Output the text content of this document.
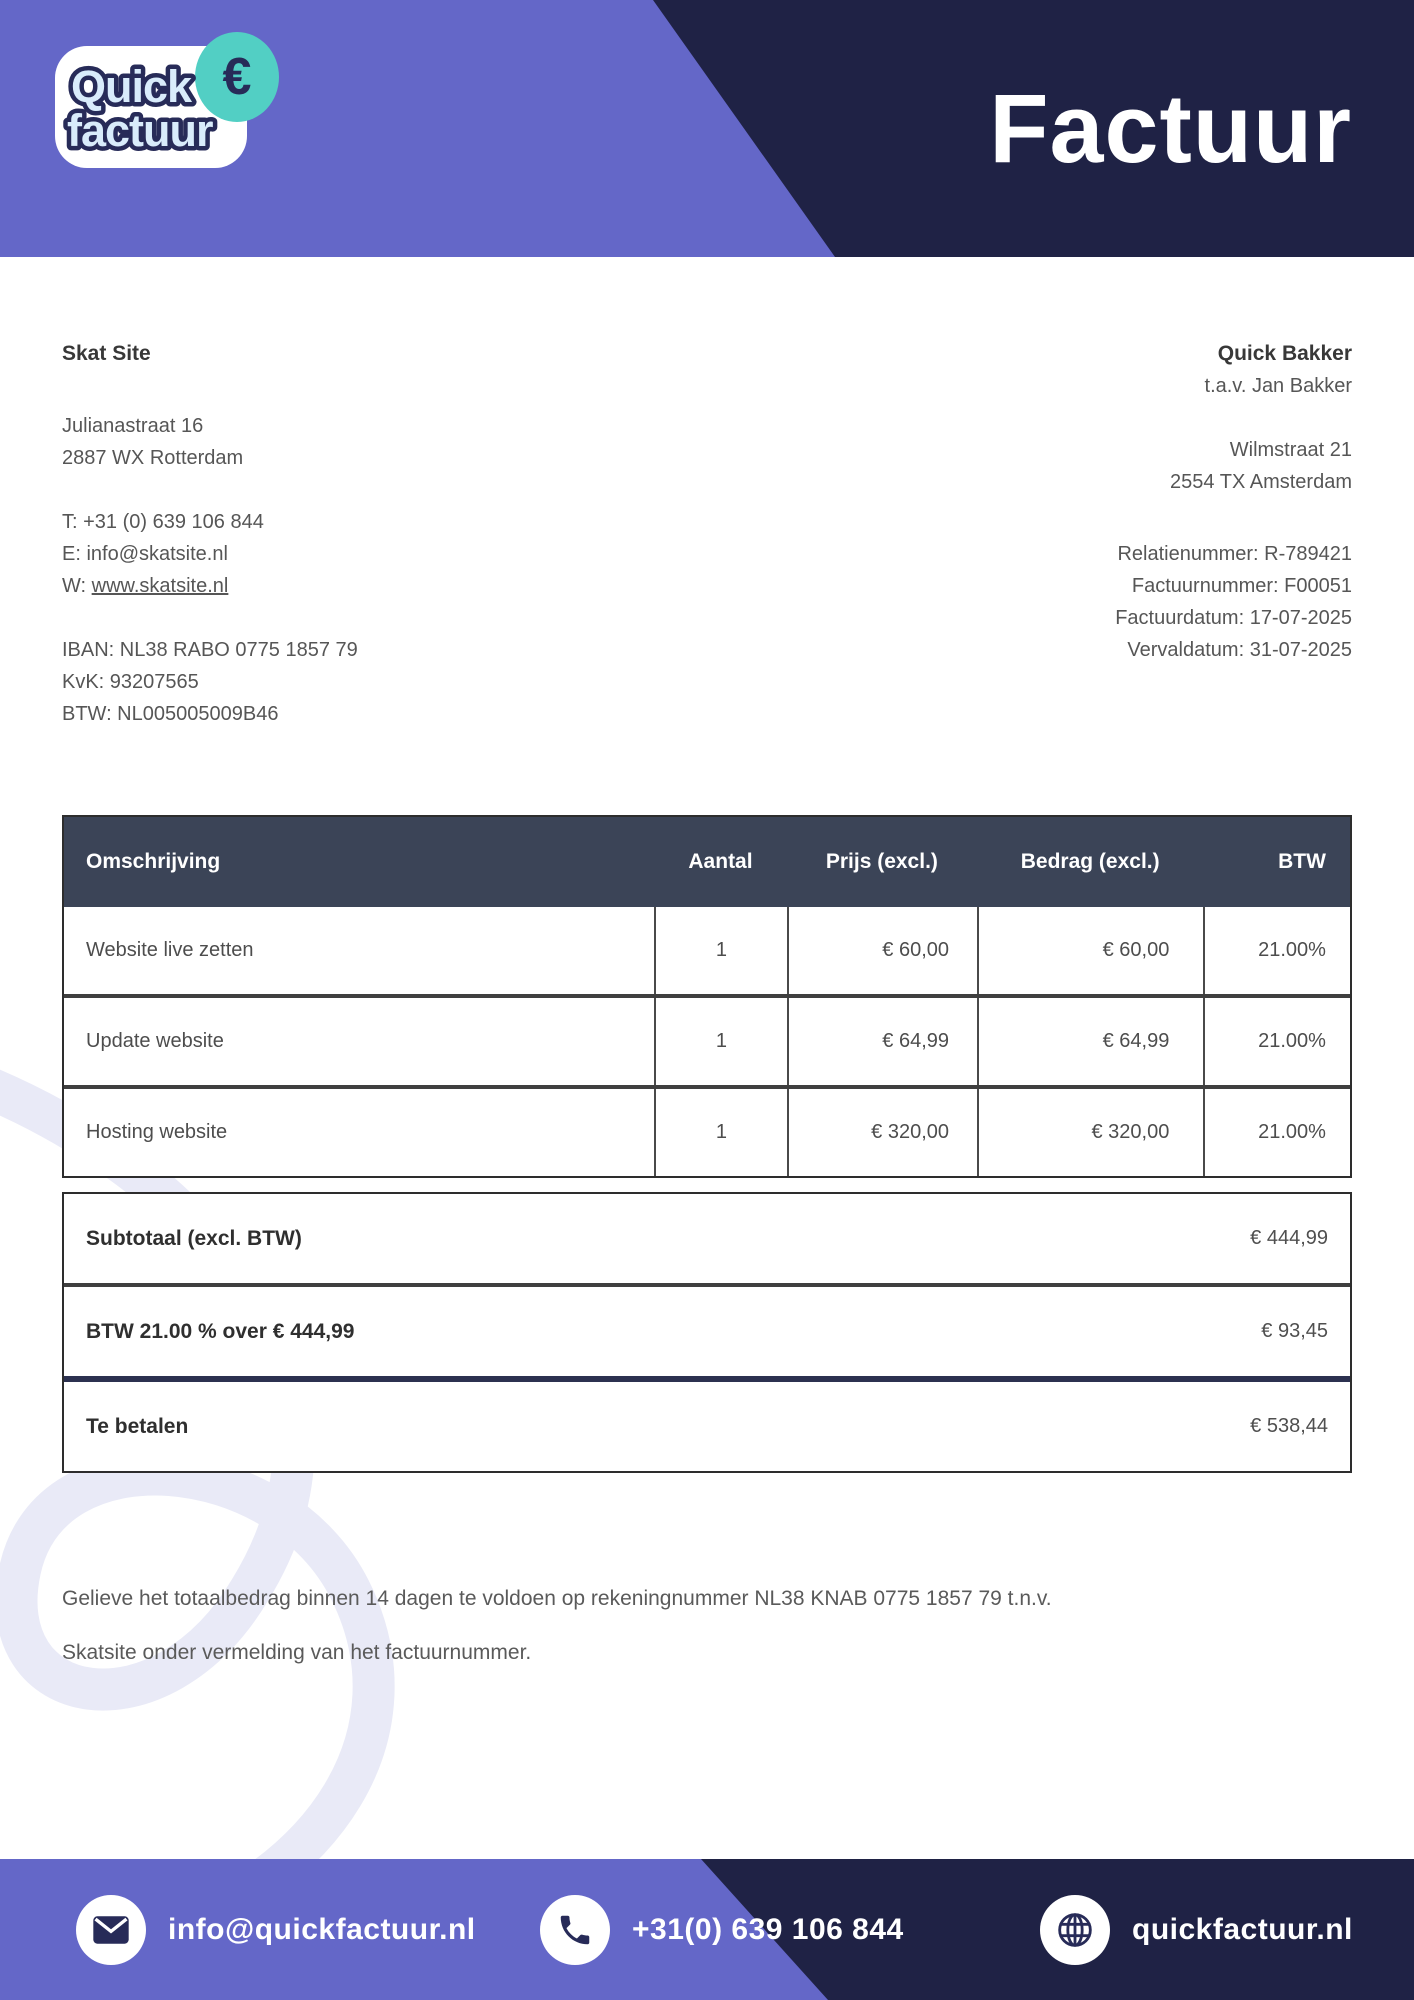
Factuur
€
Quick
factuur
Skat Site
Julianastraat 16
2887 WX Rotterdam
T: +31 (0) 639 106 844
E: info@skatsite.nl
W: www.skatsite.nl
IBAN: NL38 RABO 0775 1857 79
KvK: 93207565
BTW: NL005005009B46
Quick Bakker
t.a.v. Jan Bakker
Wilmstraat 21
2554 TX Amsterdam
Relatienummer: R-789421
Factuurnummer: F00051
Factuurdatum: 17-07-2025
Vervaldatum: 31-07-2025
Omschrijving	Aantal	Prijs (excl.)	Bedrag (excl.)	BTW
Website live zetten	1	€ 60,00	€ 60,00	21.00%
Update website	1	€ 64,99	€ 64,99	21.00%
Hosting website	1	€ 320,00	€ 320,00	21.00%
Subtotaal (excl. BTW)	€ 444,99
BTW 21.00 % over € 444,99	€ 93,45
Te betalen	€ 538,44
Gelieve het totaalbedrag binnen 14 dagen te voldoen op rekeningnummer NL38 KNAB 0775 1857 79 t.n.v.
Skatsite onder vermelding van het factuurnummer.
info@quickfactuur.nl	+31(0) 639 106 844	quickfactuur.nl
